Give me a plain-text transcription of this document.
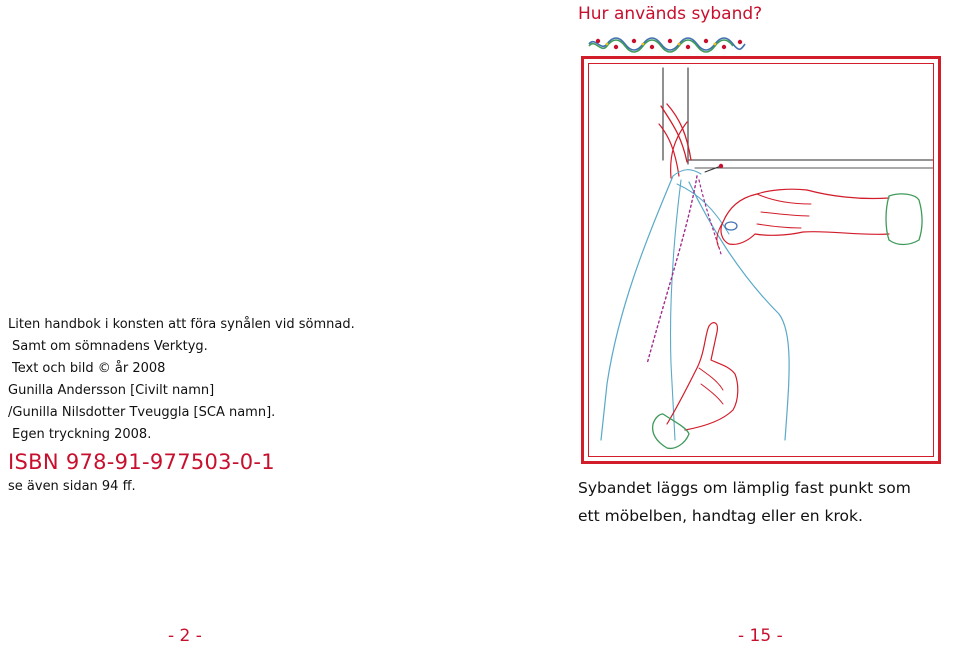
Liten handbok i konsten att föra synålen vid sömnad.
Samt om sömnadens Verktyg.
Text och bild © år 2008
Gunilla Andersson [Civilt namn]
/Gunilla Nilsdotter Tveuggla [SCA namn].
Egen tryckning 2008.
ISBN 978-91-977503-0-1
se även sidan 94 ff.
- 2 -
Hur används syband?
Sybandet läggs om lämplig fast punkt som
ett möbelben, handtag eller en krok.
- 15 -
